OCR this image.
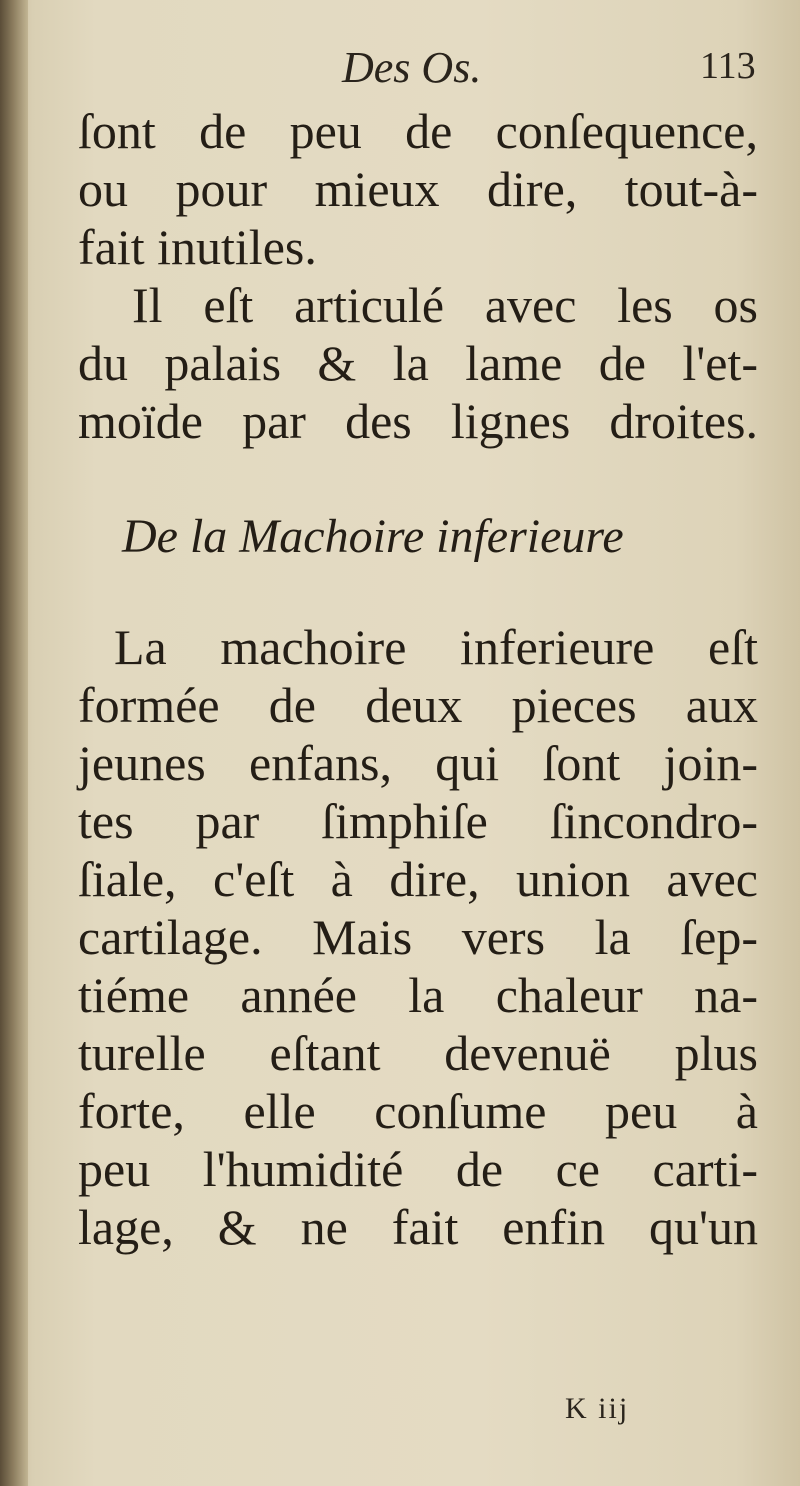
Des Os.	113
ſont de peu de conſequence,
ou pour mieux dire, tout-à-
fait inutiles.
Il eſt articulé avec les os
du palais & la lame de l'et-
moïde par des lignes droites.
De la Machoire inferieure
La machoire inferieure eſt
formée de deux pieces aux
jeunes enfans, qui ſont join-
tes par ſimphiſe ſincondro-
ſiale, c'eſt à dire, union avec
cartilage. Mais vers la ſep-
tiéme année la chaleur na-
turelle eſtant devenuë plus
forte, elle conſume peu à
peu l'humidité de ce carti-
lage, & ne fait enfin qu'un
K iij
